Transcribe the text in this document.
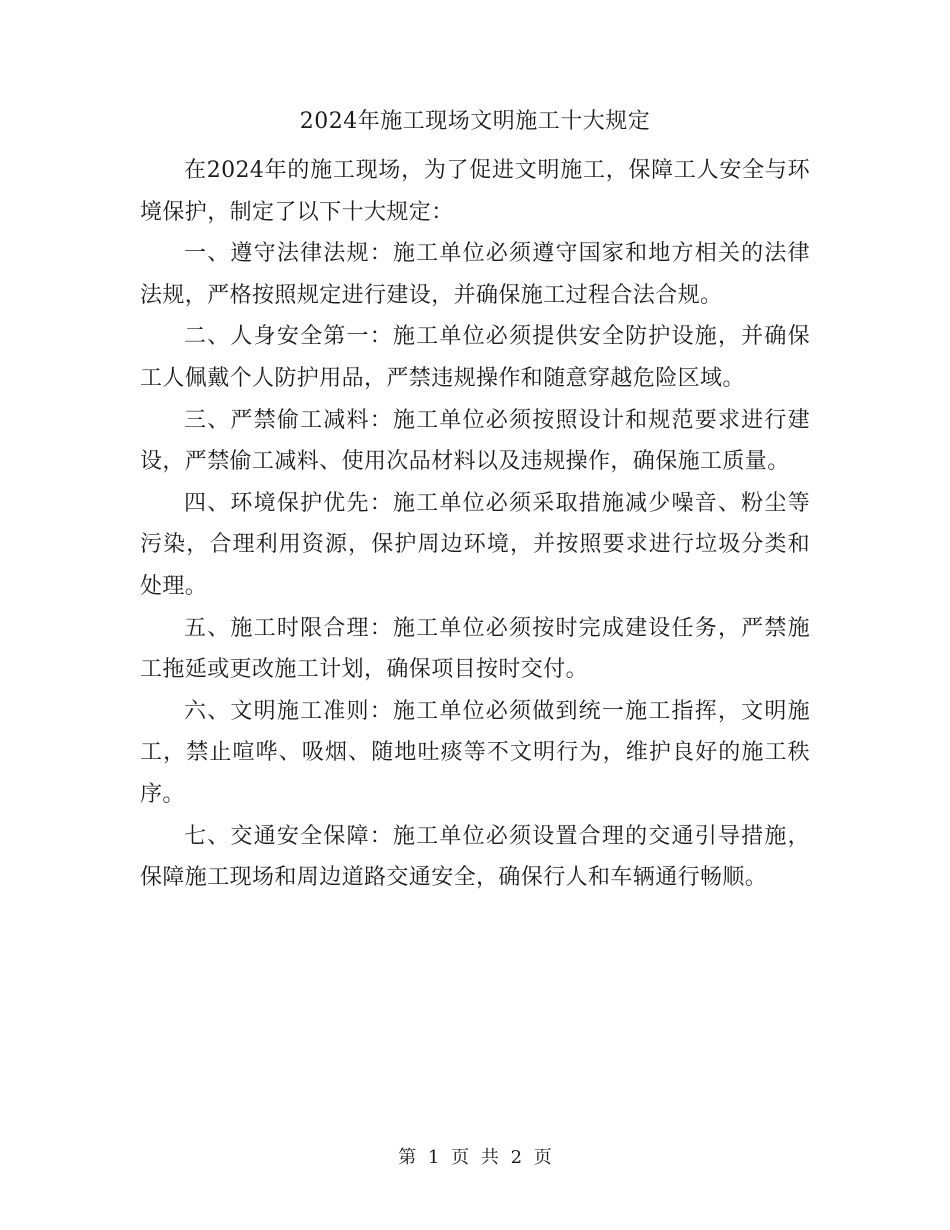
2024年施工现场文明施工十大规定

在2024年的施工现场，为了促进文明施工，保障工人安全与环境保护，制定了以下十大规定：

一、遵守法律法规：施工单位必须遵守国家和地方相关的法律法规，严格按照规定进行建设，并确保施工过程合法合规。

二、人身安全第一：施工单位必须提供安全防护设施，并确保工人佩戴个人防护用品，严禁违规操作和随意穿越危险区域。

三、严禁偷工减料：施工单位必须按照设计和规范要求进行建设，严禁偷工减料、使用次品材料以及违规操作，确保施工质量。

四、环境保护优先：施工单位必须采取措施减少噪音、粉尘等污染，合理利用资源，保护周边环境，并按照要求进行垃圾分类和处理。

五、施工时限合理：施工单位必须按时完成建设任务，严禁施工拖延或更改施工计划，确保项目按时交付。

六、文明施工准则：施工单位必须做到统一施工指挥，文明施工，禁止喧哗、吸烟、随地吐痰等不文明行为，维护良好的施工秩序。

七、交通安全保障：施工单位必须设置合理的交通引导措施，保障施工现场和周边道路交通安全，确保行人和车辆通行畅顺。

第 1 页 共 2 页
